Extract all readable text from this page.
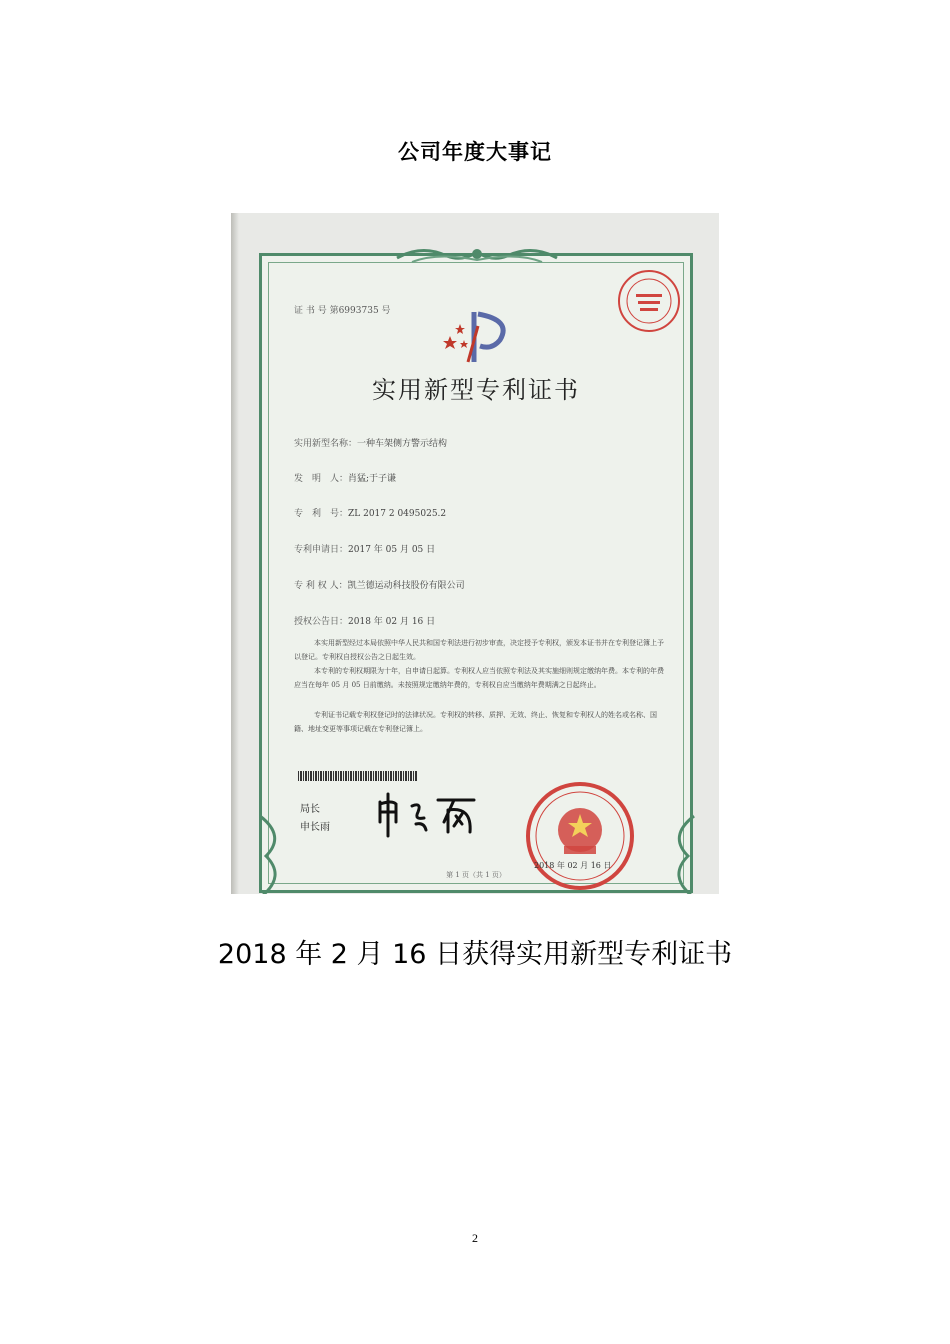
公司年度大事记
证 书 号 第6993735 号
实用新型专利证书
实用新型名称：一种车架侧方警示结构
发　明　人：肖猛;于子谦
专　利　号：ZL 2017 2 0495025.2
专利申请日：2017 年 05 月 05 日
专 利 权 人：凯兰德运动科技股份有限公司
授权公告日：2018 年 02 月 16 日
本实用新型经过本局依照中华人民共和国专利法进行初步审查，决定授予专利权，颁发本证书并在专利登记簿上予以登记。专利权自授权公告之日起生效。
本专利的专利权期限为十年，自申请日起算。专利权人应当依照专利法及其实施细则规定缴纳年费。本专利的年费应当在每年 05 月 05 日前缴纳。未按照规定缴纳年费的，专利权自应当缴纳年费期满之日起终止。
专利证书记载专利权登记时的法律状况。专利权的转移、质押、无效、终止、恢复和专利权人的姓名或名称、国籍、地址变更等事项记载在专利登记簿上。
局长
申长雨
2018 年 02 月 16 日
第 1 页（共 1 页）
2018 年 2 月 16 日获得实用新型专利证书
2
